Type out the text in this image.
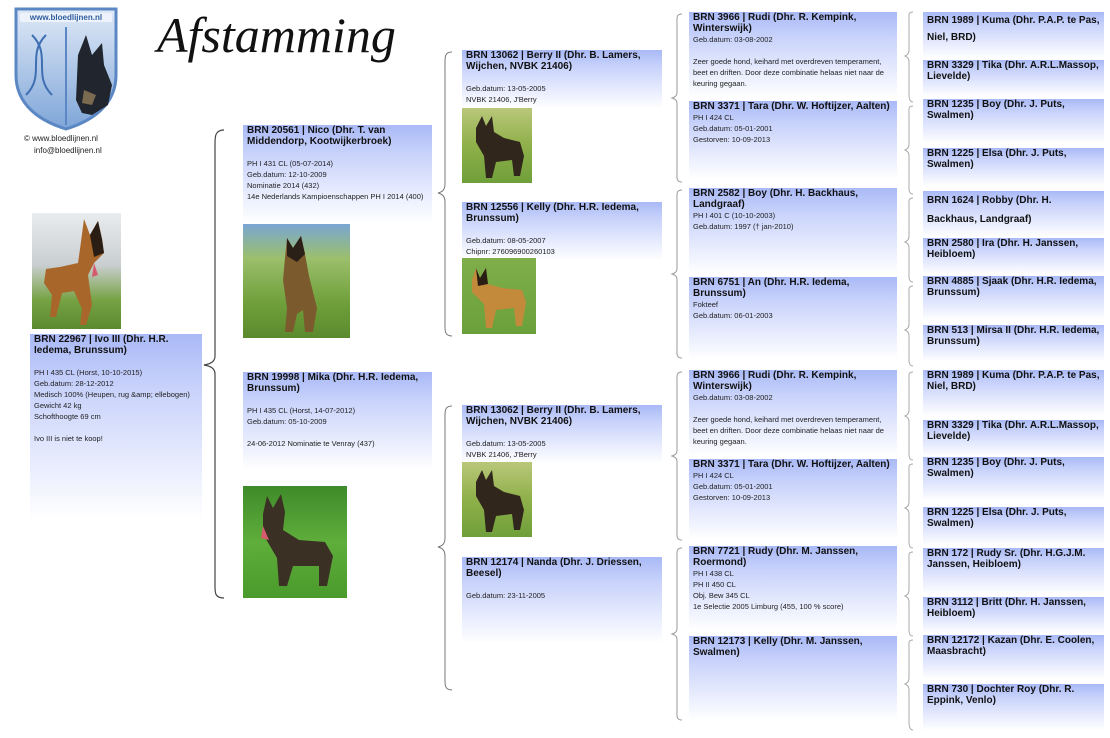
www.bloedlijnen.nl
© www.bloedlijnen.nl
info@bloedlijnen.nl
Afstamming
BRN 22967 | Ivo III (Dhr. H.R. Iedema, Brunssum)
PH I 435 CL (Horst, 10-10-2015)
Geb.datum: 28-12-2012
Medisch 100% (Heupen, rug &amp; ellebogen)
Gewicht 42 kg
Schofthoogte 69 cm
Ivo III is niet te koop!
BRN 20561 | Nico (Dhr. T. van Middendorp, Kootwijkerbroek)
PH I 431 CL (05-07-2014)
Geb.datum: 12-10-2009
Nominatie 2014 (432)
14e Nederlands Kampioenschappen PH I 2014 (400)
BRN 19998 | Mika (Dhr. H.R. Iedema, Brunssum)
PH I 435 CL (Horst, 14-07-2012)
Geb.datum: 05-10-2009
24-06-2012 Nominatie te Venray (437)
BRN 13062 | Berry II (Dhr. B. Lamers, Wijchen, NVBK 21406)
Geb.datum: 13-05-2005
NVBK 21406, J'Berry
BRN 12556 | Kelly (Dhr. H.R. Iedema, Brunssum)
Geb.datum: 08-05-2007
Chipnr: 276096900260103
BRN 13062 | Berry II (Dhr. B. Lamers, Wijchen, NVBK 21406)
Geb.datum: 13-05-2005
NVBK 21406, J'Berry
BRN 12174 | Nanda (Dhr. J. Driessen, Beesel)
Geb.datum: 23-11-2005
BRN 3966 | Rudi (Dhr. R. Kempink, Winterswijk)
Geb.datum: 03-08-2002
Zeer goede hond, keihard met overdreven temperament, beet en driften. Door deze combinatie helaas niet naar de keuring gegaan.
BRN 3371 | Tara (Dhr. W. Hoftijzer, Aalten)
PH I 424 CL
Geb.datum: 05-01-2001
Gestorven: 10-09-2013
BRN 2582 | Boy (Dhr. H. Backhaus, Landgraaf)
PH I 401 C (10-10-2003)
Geb.datum: 1997 († jan-2010)
BRN 6751 | An (Dhr. H.R. Iedema, Brunssum)
Fokteef
Geb.datum: 06-01-2003
BRN 3966 | Rudi (Dhr. R. Kempink, Winterswijk)
Geb.datum: 03-08-2002
Zeer goede hond, keihard met overdreven temperament, beet en driften. Door deze combinatie helaas niet naar de keuring gegaan.
BRN 3371 | Tara (Dhr. W. Hoftijzer, Aalten)
PH I 424 CL
Geb.datum: 05-01-2001
Gestorven: 10-09-2013
BRN 7721 | Rudy (Dhr. M. Janssen, Roermond)
PH I 438 CL
PH II 450 CL
Obj. Bew 345 CL
1e Selectie 2005 Limburg (455, 100 % score)
BRN 12173 | Kelly (Dhr. M. Janssen, Swalmen)
BRN 1989 | Kuma (Dhr. P.A.P. te Pas, Niel, BRD)
BRN 3329 | Tika (Dhr. A.R.L.Massop, Lievelde)
BRN 1235 | Boy (Dhr. J. Puts, Swalmen)
BRN 1225 | Elsa (Dhr. J. Puts, Swalmen)
BRN 1624 | Robby (Dhr. H. Backhaus, Landgraaf)
BRN 2580 | Ira (Dhr. H. Janssen, Heibloem)
BRN 4885 | Sjaak (Dhr. H.R. Iedema, Brunssum)
BRN 513 | Mirsa II (Dhr. H.R. Iedema, Brunssum)
BRN 1989 | Kuma (Dhr. P.A.P. te Pas, Niel, BRD)
BRN 3329 | Tika (Dhr. A.R.L.Massop, Lievelde)
BRN 1235 | Boy (Dhr. J. Puts, Swalmen)
BRN 1225 | Elsa (Dhr. J. Puts, Swalmen)
BRN 172 | Rudy Sr. (Dhr. H.G.J.M. Janssen, Heibloem)
BRN 3112 | Britt (Dhr. H. Janssen, Heibloem)
BRN 12172 | Kazan (Dhr. E. Coolen, Maasbracht)
BRN 730 | Dochter Roy (Dhr. R. Eppink, Venlo)
